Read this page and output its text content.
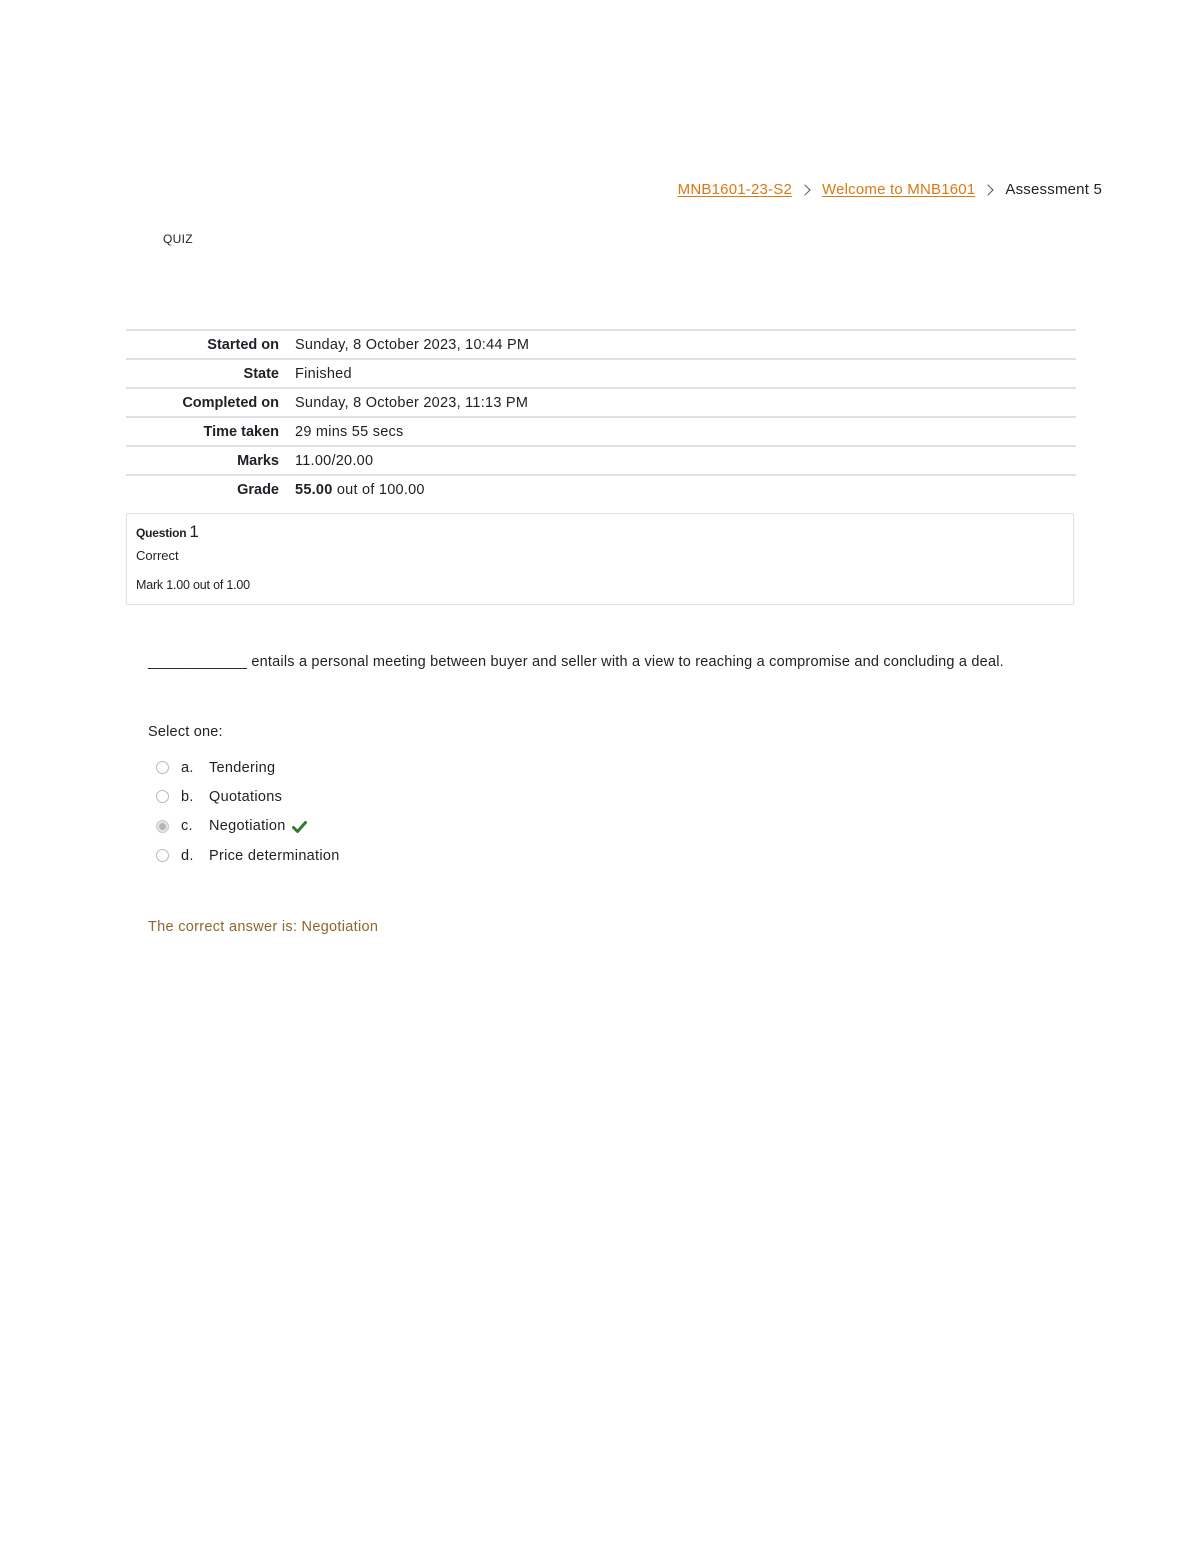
MNB1601-23-S2 Welcome to MNB1601 Assessment 5
QUIZ
Started on	Sunday, 8 October 2023, 10:44 PM
State	Finished
Completed on	Sunday, 8 October 2023, 11:13 PM
Time taken	29 mins 55 secs
Marks	11.00/20.00
Grade	55.00 out of 100.00
Question 1
Correct
Mark 1.00 out of 1.00
____________ entails a personal meeting between buyer and seller with a view to reaching a compromise and concluding a deal.
Select one:
a.	Tendering
b.	Quotations
c.	Negotiation
d.	Price determination
The correct answer is: Negotiation
